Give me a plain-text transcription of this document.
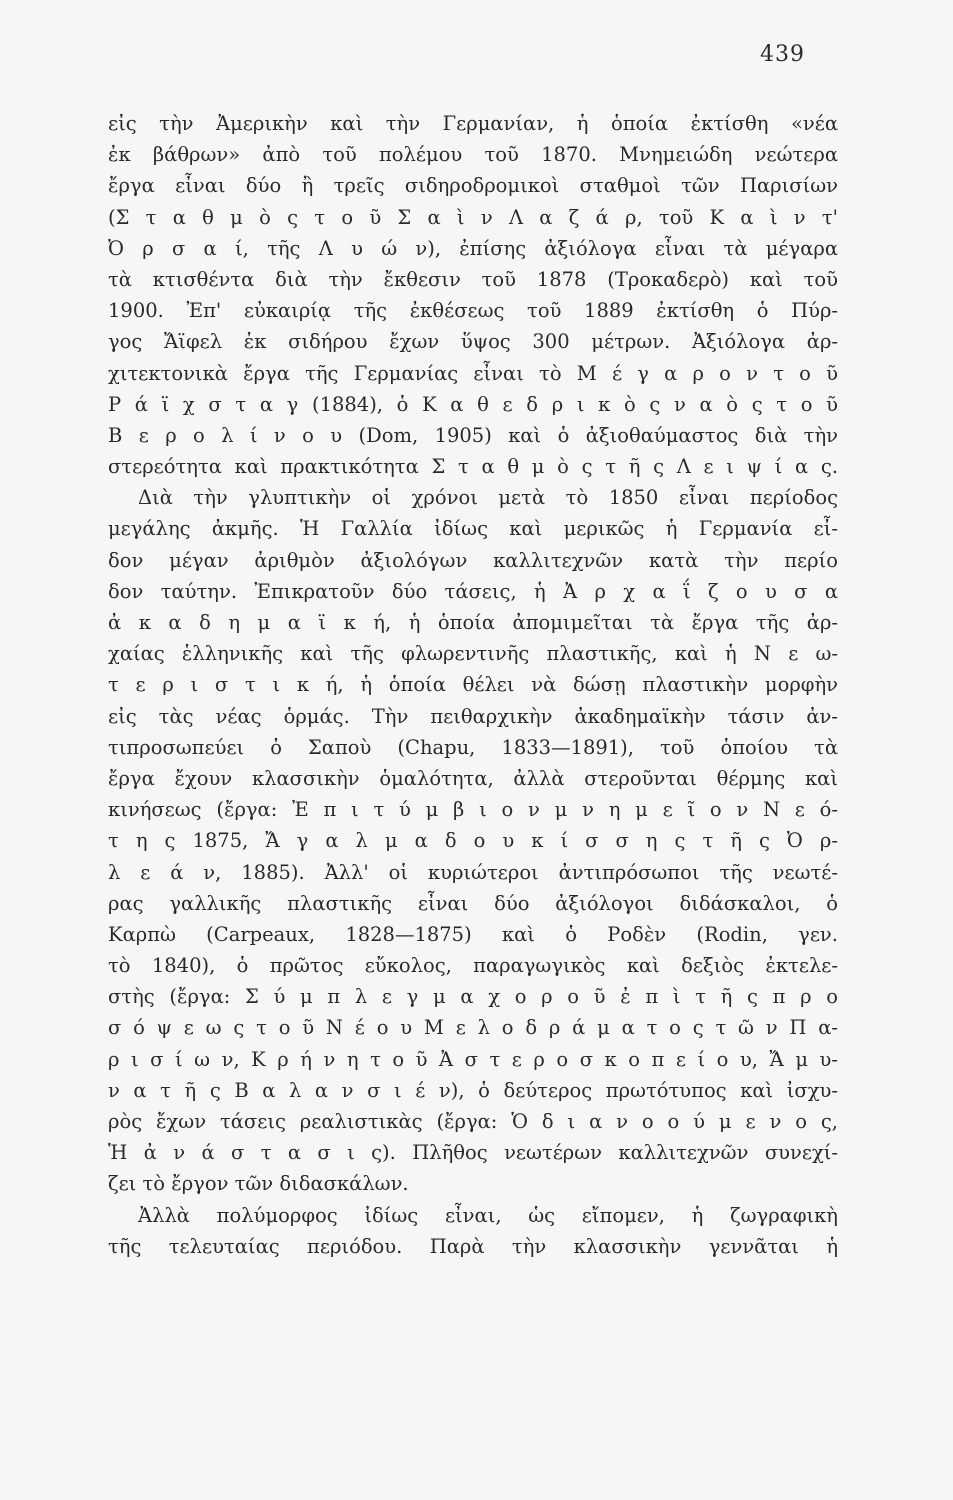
439
εἰς τὴν Ἀμερικὴν καὶ τὴν Γερμανίαν, ἡ ὁποία ἐκτίσθη «νέα
ἐκ βάθρων» ἀπὸ τοῦ πολέμου τοῦ 1870. Μνημειώδη νεώτερα
ἔργα εἶναι δύο ἢ τρεῖς σιδηροδρομικοὶ σταθμοὶ τῶν Παρισίων
(Σ τ α θ μ ὸ ς τ ο ῦ Σ α ὶ ν Λ α ζ ά ρ, τοῦ Κ α ὶ ν τ'
Ὀ ρ σ α ί, τῆς Λ υ ώ ν), ἐπίσης ἀξιόλογα εἶναι τὰ μέγαρα
τὰ κτισθέντα διὰ τὴν ἔκθεσιν τοῦ 1878 (Τροκαδερὸ) καὶ τοῦ
1900. Ἐπ' εὐκαιρίᾳ τῆς ἐκθέσεως τοῦ 1889 ἐκτίσθη ὁ Πύρ-
γος Ἄϊφελ ἐκ σιδήρου ἔχων ὕψος 300 μέτρων. Ἀξιόλογα ἀρ-
χιτεκτονικὰ ἔργα τῆς Γερμανίας εἶναι τὸ Μ έ γ α ρ ο ν τ ο ῦ
Ρ ά ϊ χ σ τ α γ (1884), ὁ Κ α θ ε δ ρ ι κ ὸ ς ν α ὸ ς τ ο ῦ
Β ε ρ ο λ ί ν ο υ (Dom, 1905) καὶ ὁ ἀξιοθαύμαστος διὰ τὴν
στερεότητα καὶ πρακτικότητα Σ τ α θ μ ὸ ς τ ῆ ς Λ ε ι ψ ί α ς.
Διὰ τὴν γλυπτικὴν οἱ χρόνοι μετὰ τὸ 1850 εἶναι περίοδος
μεγάλης ἀκμῆς. Ἡ Γαλλία ἰδίως καὶ μερικῶς ἡ Γερμανία εἶ-
δον μέγαν ἀριθμὸν ἀξιολόγων καλλιτεχνῶν κατὰ τὴν περίο
δον ταύτην. Ἐπικρατοῦν δύο τάσεις, ἡ Ἀ ρ χ α ΐ ζ ο υ σ α
ἀ κ α δ η μ α ϊ κ ή, ἡ ὁποία ἀπομιμεῖται τὰ ἔργα τῆς ἀρ-
χαίας ἑλληνικῆς καὶ τῆς φλωρεντινῆς πλαστικῆς, καὶ ἡ Ν ε ω-
τ ε ρ ι σ τ ι κ ή, ἡ ὁποία θέλει νὰ δώσῃ πλαστικὴν μορφὴν
εἰς τὰς νέας ὁρμάς. Τὴν πειθαρχικὴν ἀκαδημαϊκὴν τάσιν ἀν-
τιπροσωπεύει ὁ Σαποὺ (Chapu, 1833—1891), τοῦ ὁποίου τὰ
ἔργα ἔχουν κλασσικὴν ὁμαλότητα, ἀλλὰ στεροῦνται θέρμης καὶ
κινήσεως (ἔργα: Ἐ π ι τ ύ μ β ι ο ν μ ν η μ ε ῖ ο ν Ν ε ό-
τ η ς 1875, Ἄ γ α λ μ α δ ο υ κ ί σ σ η ς τ ῆ ς Ὀ ρ-
λ ε ά ν, 1885). Ἀλλ' οἱ κυριώτεροι ἀντιπρόσωποι τῆς νεωτέ-
ρας γαλλικῆς πλαστικῆς εἶναι δύο ἀξιόλογοι διδάσκαλοι, ὁ
Καρπὼ (Carpeaux, 1828—1875) καὶ ὁ Ροδὲν (Rodin, γεν.
τὸ 1840), ὁ πρῶτος εὔκολος, παραγωγικὸς καὶ δεξιὸς ἐκτελε-
στὴς (ἔργα: Σ ύ μ π λ ε γ μ α χ ο ρ ο ῦ ἐ π ὶ τ ῆ ς π ρ ο
σ ό ψ ε ω ς τ ο ῦ Ν έ ο υ Μ ε λ ο δ ρ ά μ α τ ο ς τ ῶ ν Π α-
ρ ι σ ί ω ν, Κ ρ ή ν η τ ο ῦ Ἀ σ τ ε ρ ο σ κ ο π ε ί ο υ, Ἄ μ υ-
ν α τ ῆ ς Β α λ α ν σ ι έ ν), ὁ δεύτερος πρωτότυπος καὶ ἰσχυ-
ρὸς ἔχων τάσεις ρεαλιστικὰς (ἔργα: Ὁ δ ι α ν ο ο ύ μ ε ν ο ς,
Ἡ ἀ ν ά σ τ α σ ι ς). Πλῆθος νεωτέρων καλλιτεχνῶν συνεχί-
ζει τὸ ἔργον τῶν διδασκάλων.
Ἀλλὰ πολύμορφος ἰδίως εἶναι, ὡς εἴπομεν, ἡ ζωγραφικὴ
τῆς τελευταίας περιόδου. Παρὰ τὴν κλασσικὴν γεννᾶται ἡ
